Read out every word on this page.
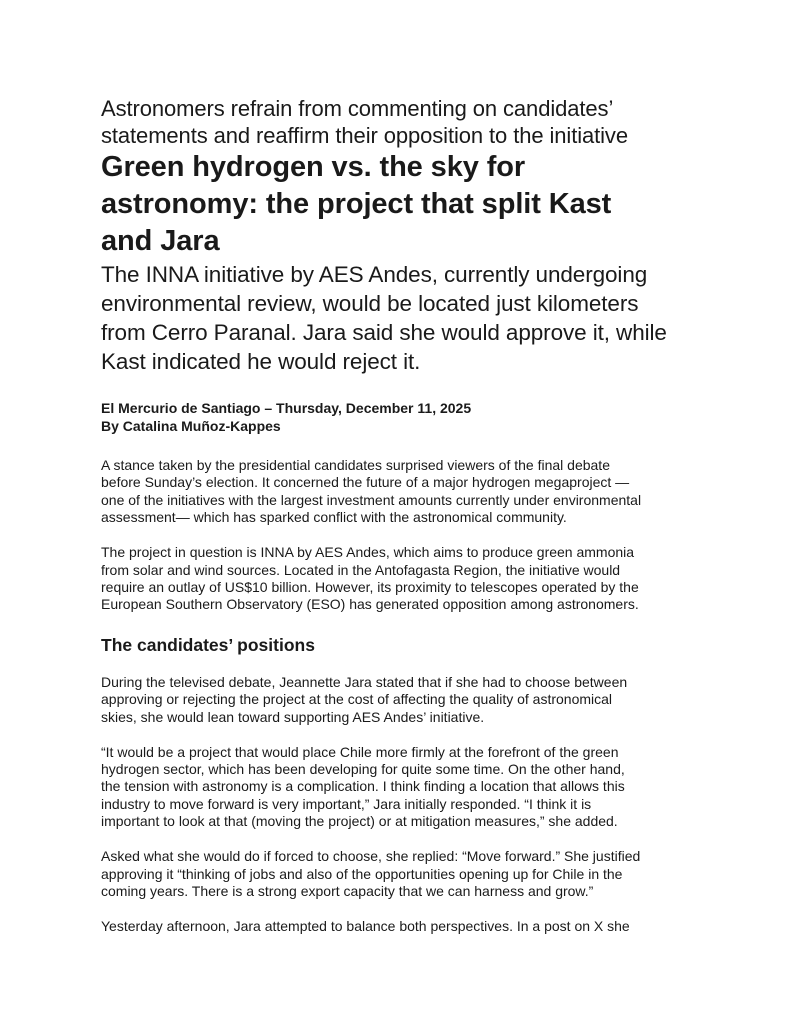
Astronomers refrain from commenting on candidates’
statements and reaffirm their opposition to the initiative
Green hydrogen vs. the sky for
astronomy: the project that split Kast
and Jara

The INNA initiative by AES Andes, currently undergoing
environmental review, would be located just kilometers
from Cerro Paranal. Jara said she would approve it, while
Kast indicated he would reject it.

El Mercurio de Santiago – Thursday, December 11, 2025
By Catalina Muñoz-Kappes

A stance taken by the presidential candidates surprised viewers of the final debate
before Sunday’s election. It concerned the future of a major hydrogen megaproject —
one of the initiatives with the largest investment amounts currently under environmental
assessment— which has sparked conflict with the astronomical community.

The project in question is INNA by AES Andes, which aims to produce green ammonia
from solar and wind sources. Located in the Antofagasta Region, the initiative would
require an outlay of US$10 billion. However, its proximity to telescopes operated by the
European Southern Observatory (ESO) has generated opposition among astronomers.

The candidates’ positions

During the televised debate, Jeannette Jara stated that if she had to choose between
approving or rejecting the project at the cost of affecting the quality of astronomical
skies, she would lean toward supporting AES Andes’ initiative.

“It would be a project that would place Chile more firmly at the forefront of the green
hydrogen sector, which has been developing for quite some time. On the other hand,
the tension with astronomy is a complication. I think finding a location that allows this
industry to move forward is very important,” Jara initially responded. “I think it is
important to look at that (moving the project) or at mitigation measures,” she added.

Asked what she would do if forced to choose, she replied: “Move forward.” She justified
approving it “thinking of jobs and also of the opportunities opening up for Chile in the
coming years. There is a strong export capacity that we can harness and grow.”

Yesterday afternoon, Jara attempted to balance both perspectives. In a post on X she
